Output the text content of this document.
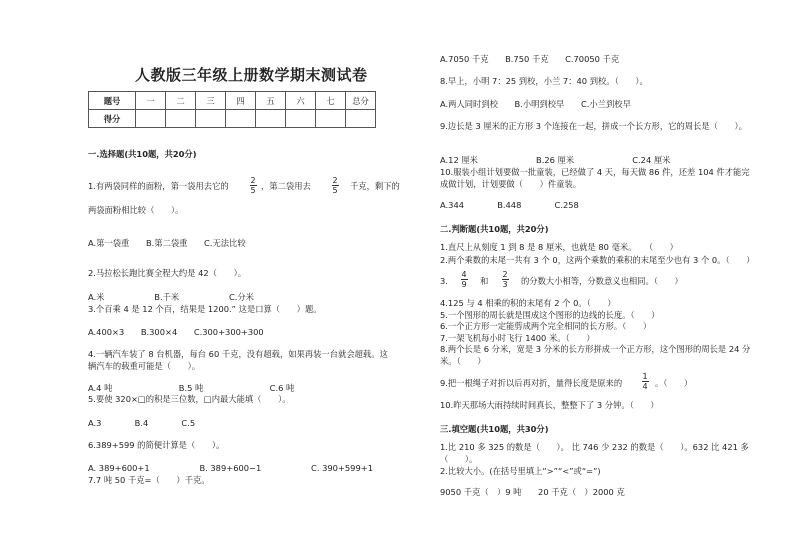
人教版三年级上册数学期末测试卷
题号	一	二	三	四	五	六	七	总分
得分								
一.选择题(共10题，共20分)
1.有两袋同样的面粉，第一袋用去它的
2
5 ，第二袋用去
2
5 千克，剩下的
两袋面粉相比较（　　）。
A.第一袋重　　B.第二袋重　　C.无法比较
2.马拉松长跑比赛全程大约是 42（　　）。
A.米　　　　　　B.千米　　　　　　C.分米
3.个百乘 4 是 12 个百，结果是 1200.” 这是口算（　　）题。
A.400×3　　B.300×4　　C.300+300+300
4.一辆汽车装了 8 台机器，每台 60 千克，没有超载，如果再装一台就会超载。这
辆汽车的载重可能是（　　）。
A.4 吨　　　　　　　　B.5 吨　　　　　　　　C.6 吨
5.要使 320×□的积是三位数，□内最大能填（　　）。
A.3　　　　B.4　　　　C.5
6.389+599 的简便计算是（　　）。
A. 389+600+1　　　　　　B. 389+600−1　　　　　　C. 390+599+1
7.7 吨 50 千克=（　　）千克。
A.7050 千克　　B.750 千克　　C.70050 千克
8.早上，小明 7：25 到校，小兰 7：40 到校。（　　）。
A.两人同时到校　　B.小明到校早　　C.小兰到校早
9.边长是 3 厘米的正方形 3 个连接在一起，拼成一个长方形，它的周长是（　　）。
A.12 厘米　　　　　　　B.26 厘米　　　　　　　C.24 厘米
10.服装小组计划要做一批童装，已经做了 4 天，每天做 86 件，还差 104 件才能完
成做计划，计划要做（　　）件童装。
A.344　　　　B.448　　　　C.258
二.判断题(共10题，共20分)
1.直尺上从刻度 1 到 8 是 8 厘米，也就是 80 毫米。　　（　　）
2.两个乘数的末尾一共有 3 个 0，这两个乘数的乘积的末尾至少也有 3 个 0。（　　）
3.
4
9 和
2
3 的分数大小相等，分数意义也相同。（　　）
4.125 与 4 相乘的积的末尾有 2 个 0。（　　）
5.一个图形的周长就是围成这个图形的边线的长度。（　　）
6.一个正方形一定能剪成两个完全相同的长方形。（　　）
7.一架飞机每小时飞行 1400 米。（　　）
8.两个长是 6 分米，宽是 3 分米的长方形拼成一个正方形，这个图形的周长是 24 分
米。（　　）
9.把一根绳子对折以后再对折，量得长度是原来的
1
4 。（　　）
10.昨天那场大雨持续时间真长，整整下了 3 分钟。（　　）
三.填空题(共10题，共30分)
1.比 210 多 325 的数是（　　）。 比 746 少 232 的数是（　　）。632 比 421 多
（　　）。
2.比较大小。(在括号里填上“>”“<”或“=”)
9050 千克（　）9 吨　　20 千克（　）2000 克
